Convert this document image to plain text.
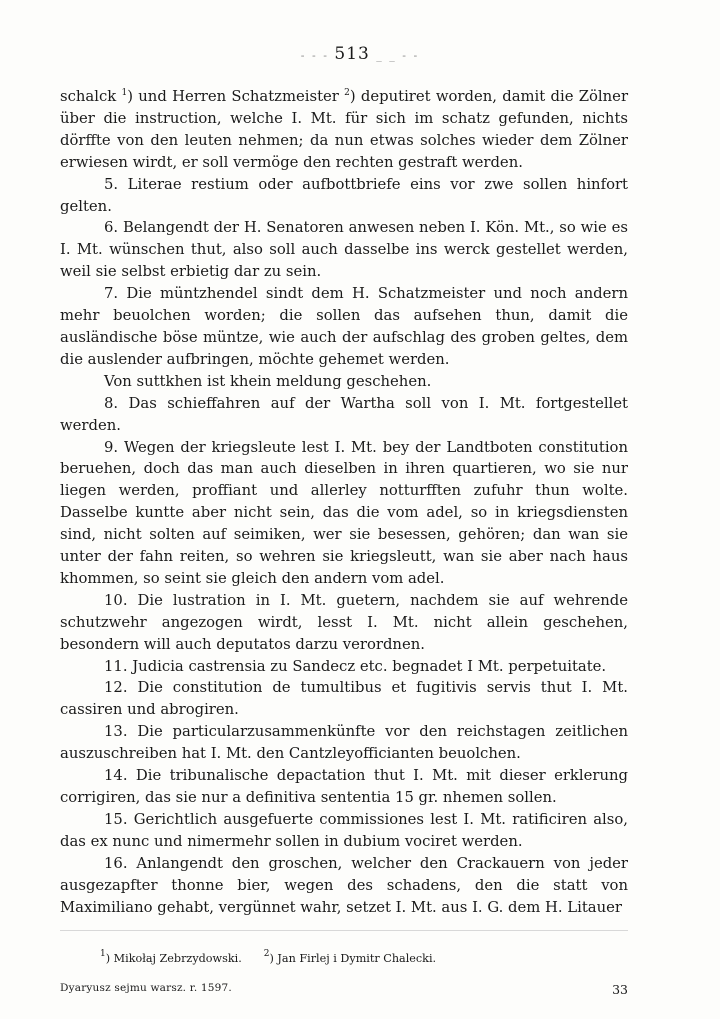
- - - 513 _ _ - -

schalck $^1$) und Herren Schatzmeister $^2$) deputiret worden, damit die Zölner über die instruction, welche I. Mt. für sich im schatz gefunden, nichts dörffte von den leuten nehmen; da nun etwas solches wieder dem Zölner erwiesen wirdt, er soll vermöge den rechten gestraft werden.

5. Literae restium oder aufbottbriefe eins vor zwe sollen hinfort gelten.

6. Belangendt der H. Senatoren anwesen neben I. Kön. Mt., so wie es I. Mt. wünschen thut, also soll auch dasselbe ins werck gestellet werden, weil sie selbst erbietig dar zu sein.

7. Die müntzhendel sindt dem H. Schatzmeister und noch andern mehr beuolchen worden; die sollen das aufsehen thun, damit die ausländische böse müntze, wie auch der aufschlag des groben geltes, dem die auslender aufbringen, möchte gehemet werden.

Von suttkhen ist khein meldung geschehen.

8. Das schieffahren auf der Wartha soll von I. Mt. fortgestellet werden.

9. Wegen der kriegsleute lest I. Mt. bey der Landtboten constitution beruehen, doch das man auch dieselben in ihren quartieren, wo sie nur liegen werden, proffiant und allerley notturfften zufuhr thun wolte. Dasselbe kuntte aber nicht sein, das die vom adel, so in kriegsdiensten sind, nicht solten auf seimiken, wer sie besessen, gehören; dan wan sie unter der fahn reiten, so wehren sie kriegsleutt, wan sie aber nach haus khommen, so seint sie gleich den andern vom adel.

10. Die lustration in I. Mt. guetern, nachdem sie auf wehrende schutzwehr angezogen wirdt, lesst I. Mt. nicht allein geschehen, besondern will auch deputatos darzu verordnen.

11. Judicia castrensia zu Sandecz etc. begnadet I Mt. perpetuitate.

12. Die constitution de tumultibus et fugitivis servis thut I. Mt. cassiren und abrogiren.

13. Die particularzusammenkünfte vor den reichstagen zeitlichen auszuschreiben hat I. Mt. den Cantzleyofficianten beuolchen.

14. Die tribunalische depactation thut I. Mt. mit dieser erklerung corrigiren, das sie nur a definitiva sententia 15 gr. nhemen sollen.

15. Gerichtlich ausgefuerte commissiones lest I. Mt. ratificiren also, das ex nunc und nimermehr sollen in dubium vociret werden.

16. Anlangendt den groschen, welcher den Crackauern von jeder ausgezapfter thonne bier, wegen des schadens, den die statt von Maximiliano gehabt, vergünnet wahr, setzet I. Mt. aus I. G. dem H. Litauer

$^1$) Mikołaj Zebrzydowski. $^2$) Jan Firlej i Dymitr Chalecki.
Dyaryusz sejmu warsz. r. 1597.	33
